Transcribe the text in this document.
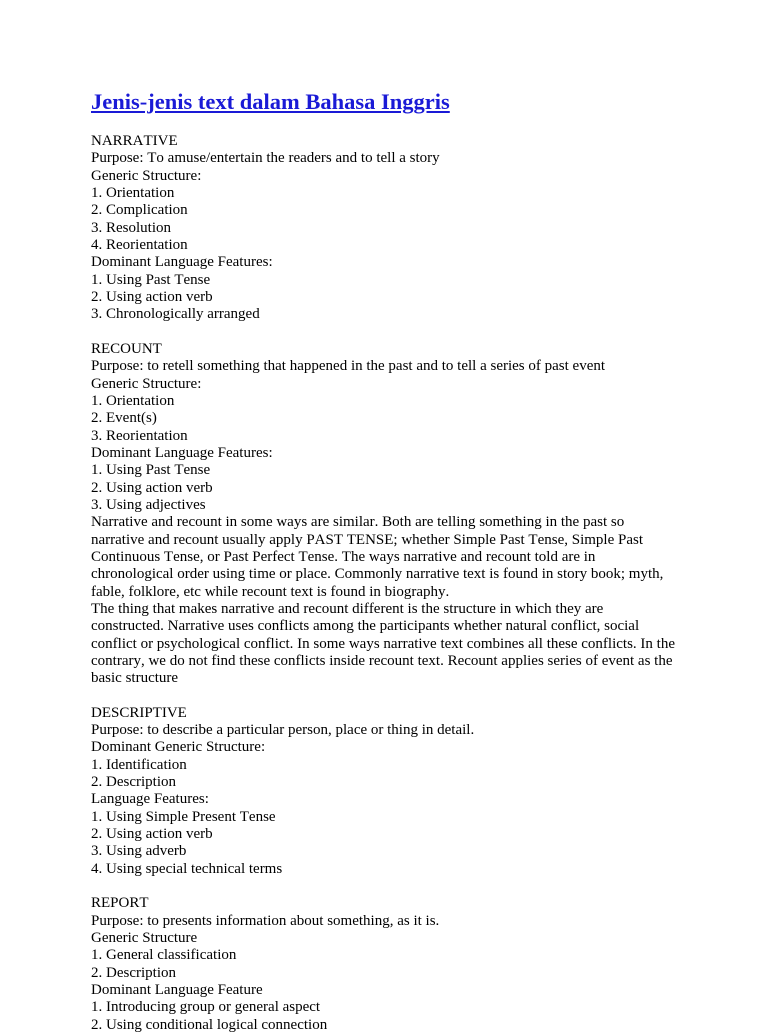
Jenis-jenis text dalam Bahasa Inggris
NARRATIVE
Purpose: To amuse/entertain the readers and to tell a story
Generic Structure:
1. Orientation
2. Complication
3. Resolution
4. Reorientation
Dominant Language Features:
1. Using Past Tense
2. Using action verb
3. Chronologically arranged
RECOUNT
Purpose: to retell something that happened in the past and to tell a series of past event
Generic Structure:
1. Orientation
2. Event(s)
3. Reorientation
Dominant Language Features:
1. Using Past Tense
2. Using action verb
3. Using adjectives
Narrative and recount in some ways are similar. Both are telling something in the past so
narrative and recount usually apply PAST TENSE; whether Simple Past Tense, Simple Past
Continuous Tense, or Past Perfect Tense. The ways narrative and recount told are in
chronological order using time or place. Commonly narrative text is found in story book; myth,
fable, folklore, etc while recount text is found in biography.
The thing that makes narrative and recount different is the structure in which they are
constructed. Narrative uses conflicts among the participants whether natural conflict, social
conflict or psychological conflict. In some ways narrative text combines all these conflicts. In the
contrary, we do not find these conflicts inside recount text. Recount applies series of event as the
basic structure
DESCRIPTIVE
Purpose: to describe a particular person, place or thing in detail.
Dominant Generic Structure:
1. Identification
2. Description
Language Features:
1. Using Simple Present Tense
2. Using action verb
3. Using adverb
4. Using special technical terms
REPORT
Purpose: to presents information about something, as it is.
Generic Structure
1. General classification
2. Description
Dominant Language Feature
1. Introducing group or general aspect
2. Using conditional logical connection
